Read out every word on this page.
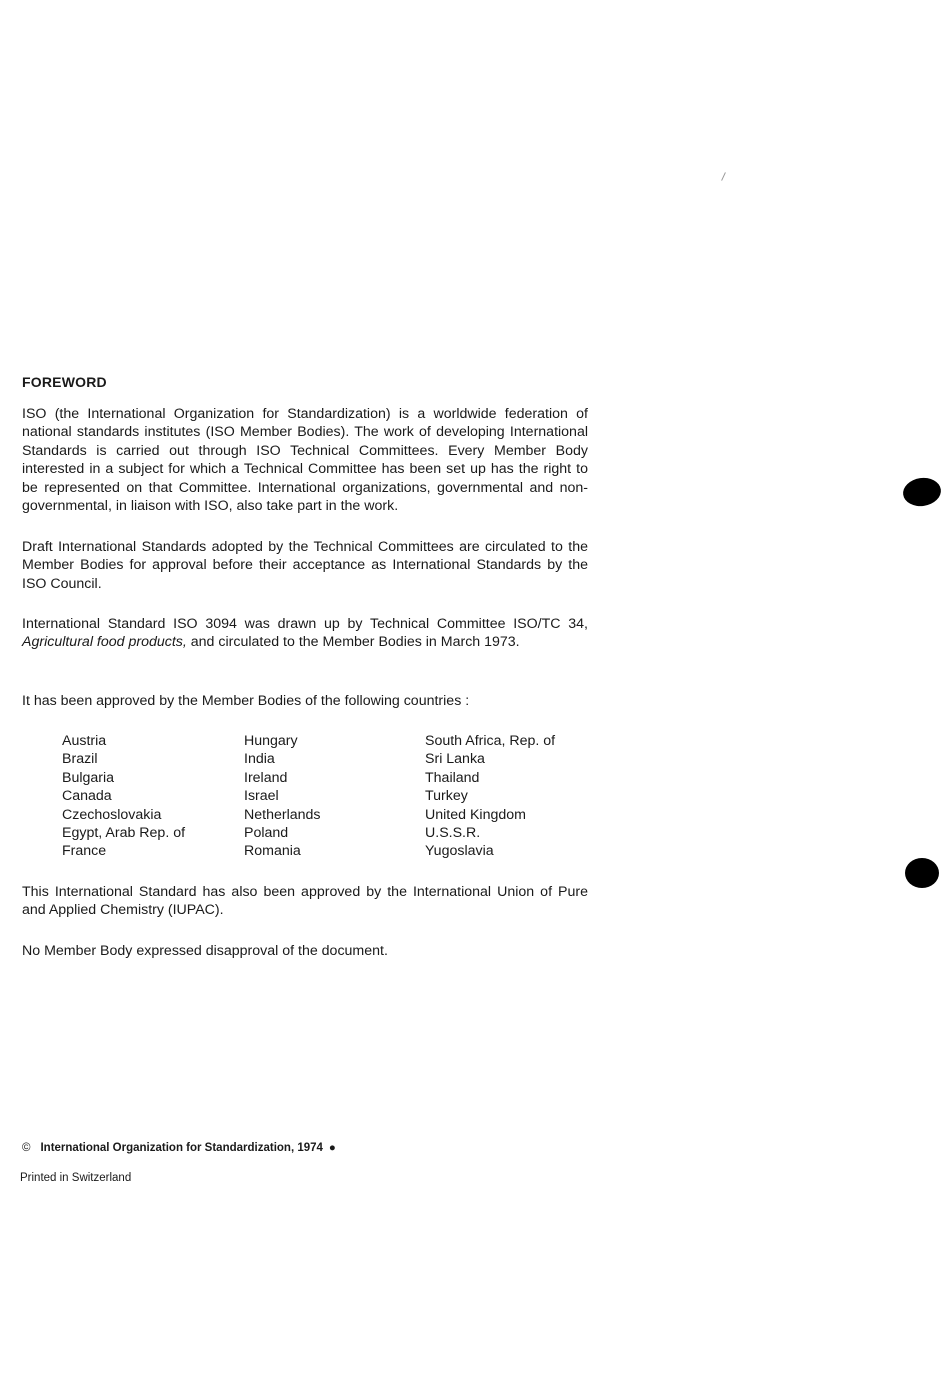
FOREWORD

ISO (the International Organization for Standardization) is a worldwide federation of national standards institutes (ISO Member Bodies). The work of developing International Standards is carried out through ISO Technical Committees. Every Member Body interested in a subject for which a Technical Committee has been set up has the right to be represented on that Committee. International organizations, governmental and non-governmental, in liaison with ISO, also take part in the work.

Draft International Standards adopted by the Technical Committees are circulated to the Member Bodies for approval before their acceptance as International Standards by the ISO Council.

International Standard ISO 3094 was drawn up by Technical Committee ISO/TC 34, Agricultural food products, and circulated to the Member Bodies in March 1973.

It has been approved by the Member Bodies of the following countries :

Austria
Brazil
Bulgaria
Canada
Czechoslovakia
Egypt, Arab Rep. of
France
Hungary
India
Ireland
Israel
Netherlands
Poland
Romania
South Africa, Rep. of
Sri Lanka
Thailand
Turkey
United Kingdom
U.S.S.R.
Yugoslavia

This International Standard has also been approved by the International Union of Pure and Applied Chemistry (IUPAC).

No Member Body expressed disapproval of the document.

© International Organization for Standardization, 1974 ●
Printed in Switzerland
